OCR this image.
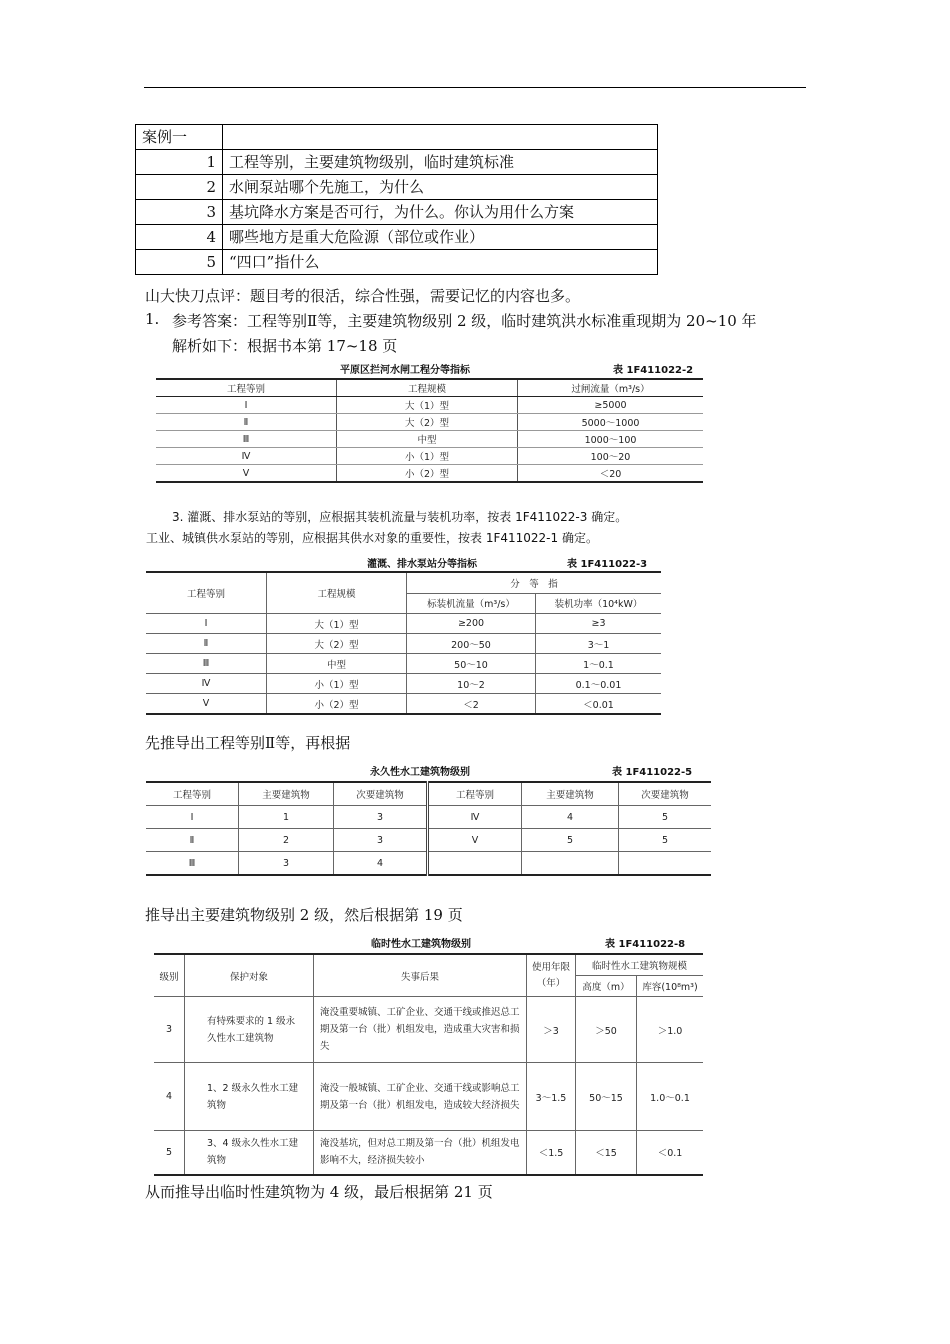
案例一	
1	工程等别，主要建筑物级别，临时建筑标准
2	水闸泵站哪个先施工，为什么
3	基坑降水方案是否可行，为什么。你认为用什么方案
4	哪些地方是重大危险源（部位或作业）
5	“四口”指什么

山大快刀点评：题目考的很活，综合性强，需要记忆的内容也多。

1. 参考答案：工程等别Ⅱ等，主要建筑物级别 2 级，临时建筑洪水标准重现期为 20~10 年

解析如下：根据书本第 17~18 页

平原区拦河水闸工程分等指标	表 1F411022-2
工程等别	工程规模	过闸流量（m³/s）
Ⅰ	大（1）型	≥5000
Ⅱ	大（2）型	5000～1000
Ⅲ	中型	1000～100
Ⅳ	小（1）型	100～20
Ⅴ	小（2）型	＜20

3. 灌溉、排水泵站的等别，应根据其装机流量与装机功率，按表 1F411022-3 确定。

工业、城镇供水泵站的等别，应根据其供水对象的重要性，按表 1F411022-1 确定。

灌溉、排水泵站分等指标	表 1F411022-3
工程等别	工程规模	分　等　指	
		标装机流量（m³/s）	装机功率（10⁴kW）
Ⅰ	大（1）型	≥200	≥3
Ⅱ	大（2）型	200～50	3～1
Ⅲ	中型	50～10	1～0.1
Ⅳ	小（1）型	10～2	0.1～0.01
Ⅴ	小（2）型	＜2	＜0.01

先推导出工程等别Ⅱ等，再根据

永久性水工建筑物级别	表 1F411022-5
工程等别	主要建筑物	次要建筑物	工程等别	主要建筑物	次要建筑物
Ⅰ	1	3	Ⅳ	4	5
Ⅱ	2	3	Ⅴ	5	5
Ⅲ	3	4			

推导出主要建筑物级别 2 级，然后根据第 19 页

临时性水工建筑物级别	表 1F411022-8
级别	保护对象	失事后果	使用年限（年）	临时性水工建筑物规模	
				高度（m）	库容(10⁸m³)
3	有特殊要求的 1 级永久性水工建筑物	淹没重要城镇、工矿企业、交通干线或推迟总工期及第一台（批）机组发电，造成重大灾害和损失	＞3	＞50	＞1.0
4	1、2 级永久性水工建筑物	淹没一般城镇、工矿企业、交通干线或影响总工期及第一台（批）机组发电，造成较大经济损失	3～1.5	50～15	1.0～0.1
5	3、4 级永久性水工建筑物	淹没基坑，但对总工期及第一台（批）机组发电影响不大，经济损失较小	＜1.5	＜15	＜0.1

从而推导出临时性建筑物为 4 级，最后根据第 21 页
